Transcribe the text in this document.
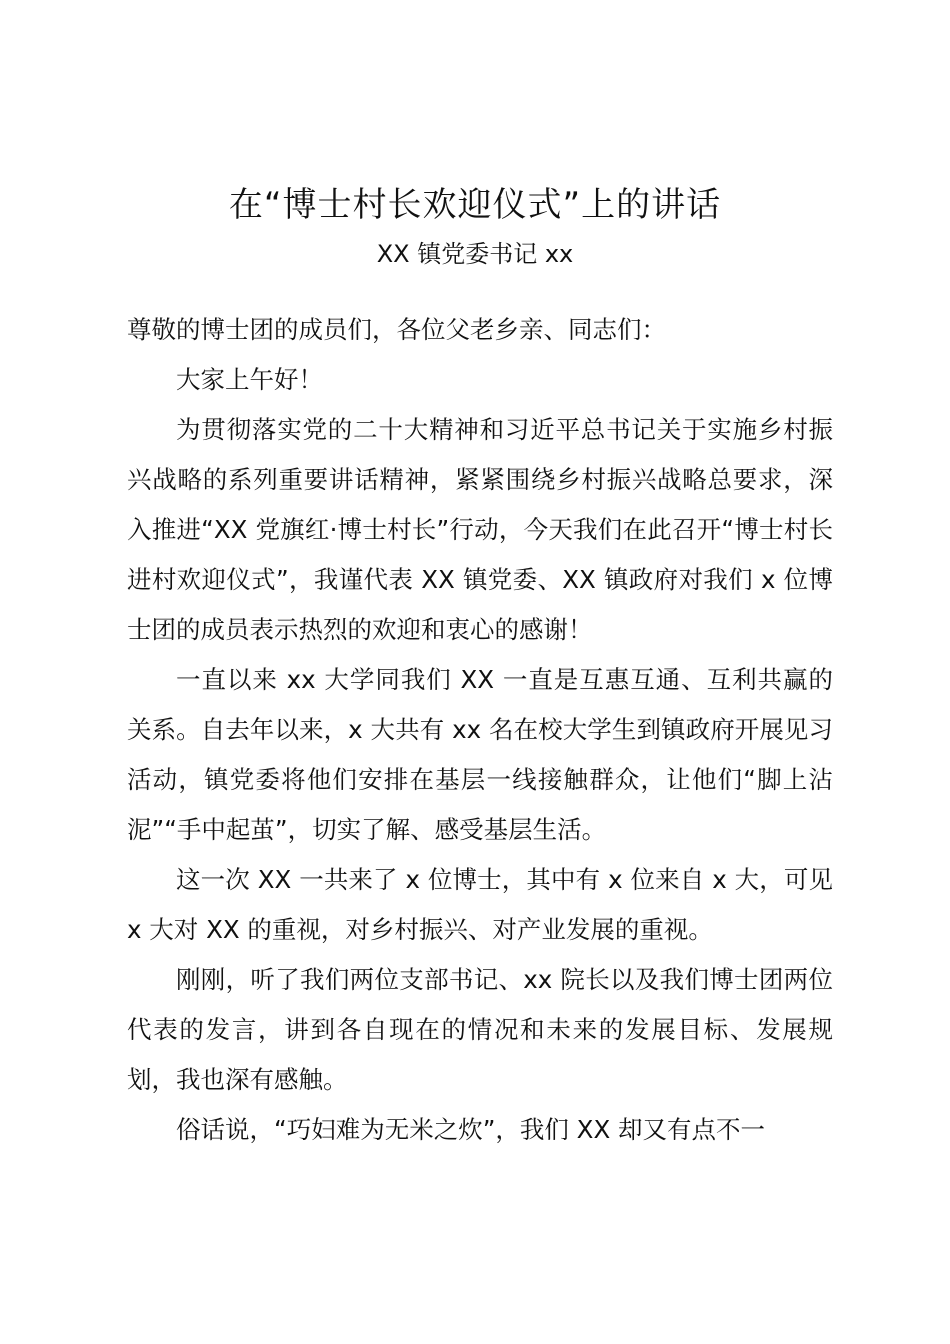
在“博士村长欢迎仪式”上的讲话
XX 镇党委书记 xx

尊敬的博士团的成员们，各位父老乡亲、同志们：

大家上午好！

为贯彻落实党的二十大精神和习近平总书记关于实施乡村振兴战略的系列重要讲话精神，紧紧围绕乡村振兴战略总要求，深入推进“XX 党旗红·博士村长”行动，今天我们在此召开“博士村长进村欢迎仪式”，我谨代表 XX 镇党委、XX 镇政府对我们 x 位博士团的成员表示热烈的欢迎和衷心的感谢！

一直以来 xx 大学同我们 XX 一直是互惠互通、互利共赢的关系。自去年以来，x 大共有 xx 名在校大学生到镇政府开展见习活动，镇党委将他们安排在基层一线接触群众，让他们“脚上沾泥”“手中起茧”，切实了解、感受基层生活。

这一次 XX 一共来了 x 位博士，其中有 x 位来自 x 大，可见 x 大对 XX 的重视，对乡村振兴、对产业发展的重视。

刚刚，听了我们两位支部书记、xx 院长以及我们博士团两位代表的发言，讲到各自现在的情况和未来的发展目标、发展规划，我也深有感触。

俗话说，“巧妇难为无米之炊”，我们 XX 却又有点不一
